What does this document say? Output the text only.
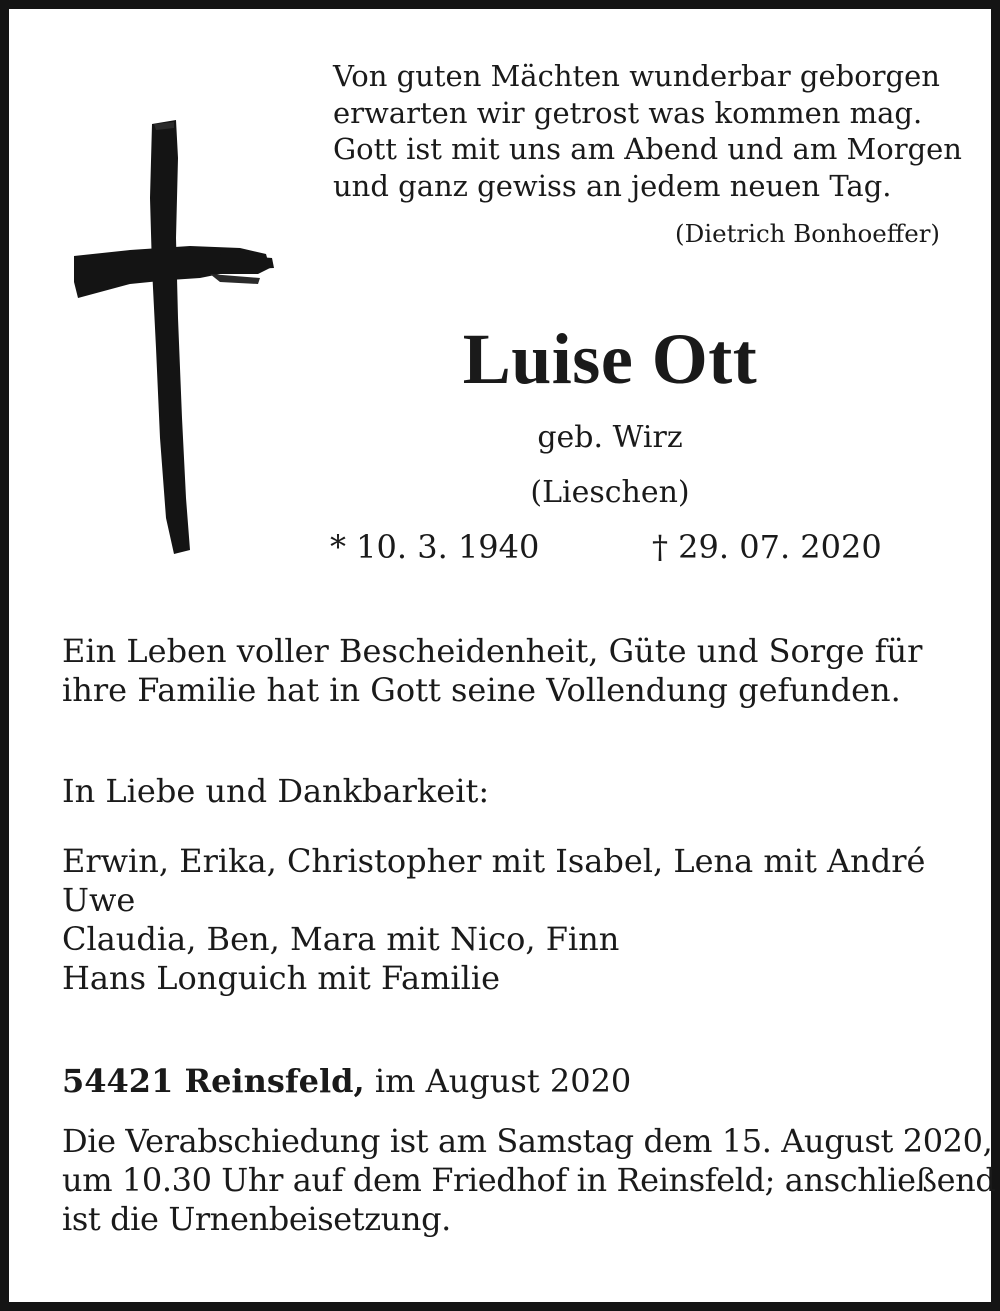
Von guten Mächten wunderbar geborgen
erwarten wir getrost was kommen mag.
Gott ist mit uns am Abend und am Morgen
und ganz gewiss an jedem neuen Tag.
(Dietrich Bonhoeffer)
Luise Ott
geb. Wirz
(Lieschen)
* 10. 3. 1940	† 29. 07. 2020
Ein Leben voller Bescheidenheit, Güte und Sorge für
ihre Familie hat in Gott seine Vollendung gefunden.
In Liebe und Dankbarkeit:
Erwin, Erika, Christopher mit Isabel, Lena mit André
Uwe
Claudia, Ben, Mara mit Nico, Finn
Hans Longuich mit Familie
54421 Reinsfeld, im August 2020
Die Verabschiedung ist am Samstag dem 15. August 2020,
um 10.30 Uhr auf dem Friedhof in Reinsfeld; anschließend
ist die Urnenbeisetzung.
